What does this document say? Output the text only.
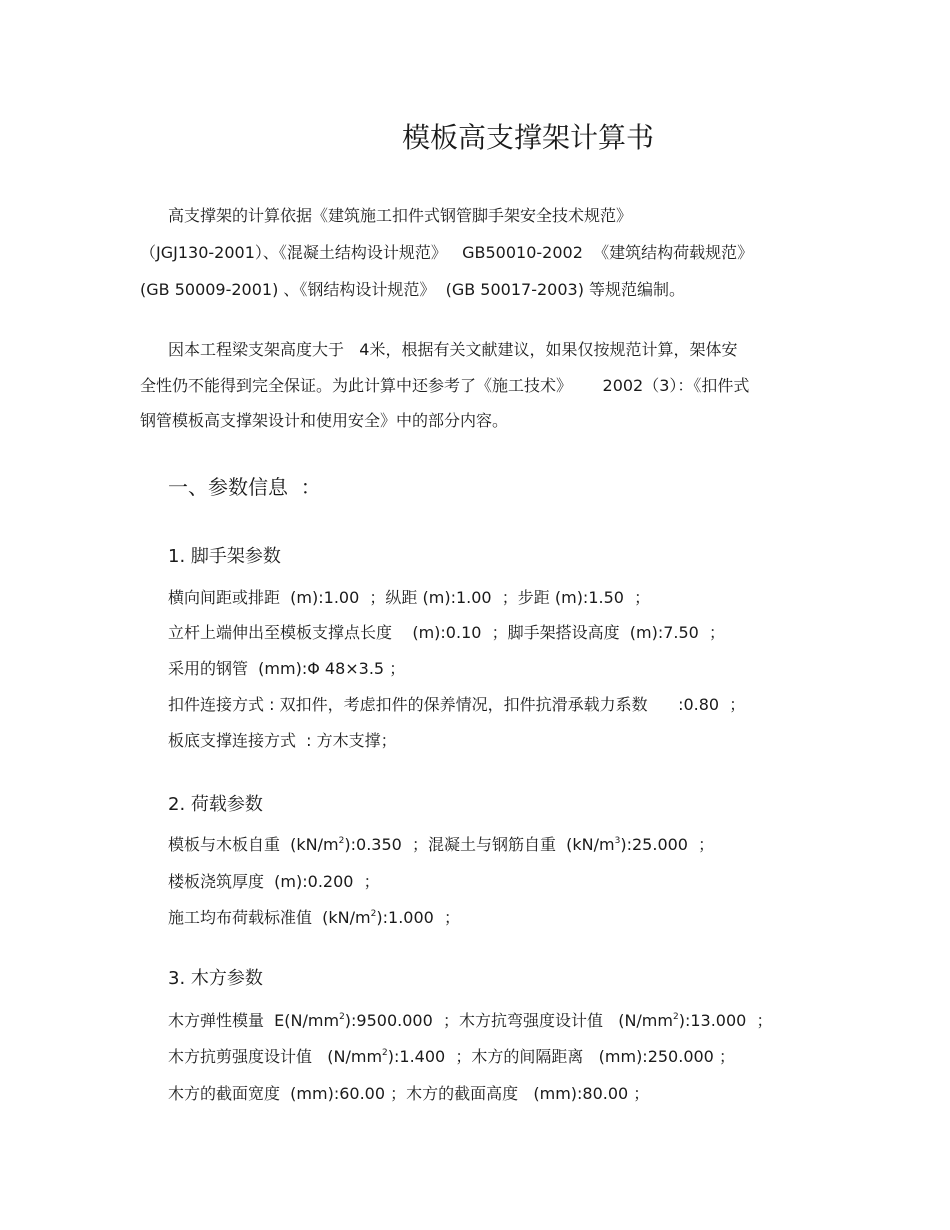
模板高支撑架计算书
高支撑架的计算依据《建筑施工扣件式钢管脚手架安全技术规范》
（JGJ130-2001）、《混凝土结构设计规范》   GB50010-2002  《建筑结构荷载规范》
(GB 50009-2001) 、《钢结构设计规范》  (GB 50017-2003) 等规范编制。
因本工程梁支架高度大于   4米，根据有关文献建议，如果仅按规范计算，架体安
全性仍不能得到完全保证。为此计算中还参考了《施工技术》      2002（3）：《扣件式
钢管模板高支撑架设计和使用安全》中的部分内容。
一、参数信息  ：
1. 脚手架参数
横向间距或排距  (m):1.00  ；纵距 (m):1.00  ；步距 (m):1.50  ；
立杆上端伸出至模板支撑点长度    (m):0.10  ；脚手架搭设高度  (m):7.50  ；
采用的钢管  (mm):Φ 48×3.5 ；
扣件连接方式 : 双扣件，考虑扣件的保养情况，扣件抗滑承载力系数      :0.80  ；
板底支撑连接方式  : 方木支撑；
2. 荷载参数
模板与木板自重  $(kN/m^2):0.350$  ；混凝土与钢筋自重  $(kN/m^3):25.000$  ；
楼板浇筑厚度  (m):0.200  ；
施工均布荷载标准值  $(kN/m^2):1.000$  ；
3. 木方参数
木方弹性模量  $E(N/mm^2):9500.000$  ；木方抗弯强度设计值   $(N/mm^2):13.000$  ；
木方抗剪强度设计值   $(N/mm^2):1.400$  ；木方的间隔距离   (mm):250.000 ；
木方的截面宽度  (mm):60.00 ；木方的截面高度   (mm):80.00 ；
